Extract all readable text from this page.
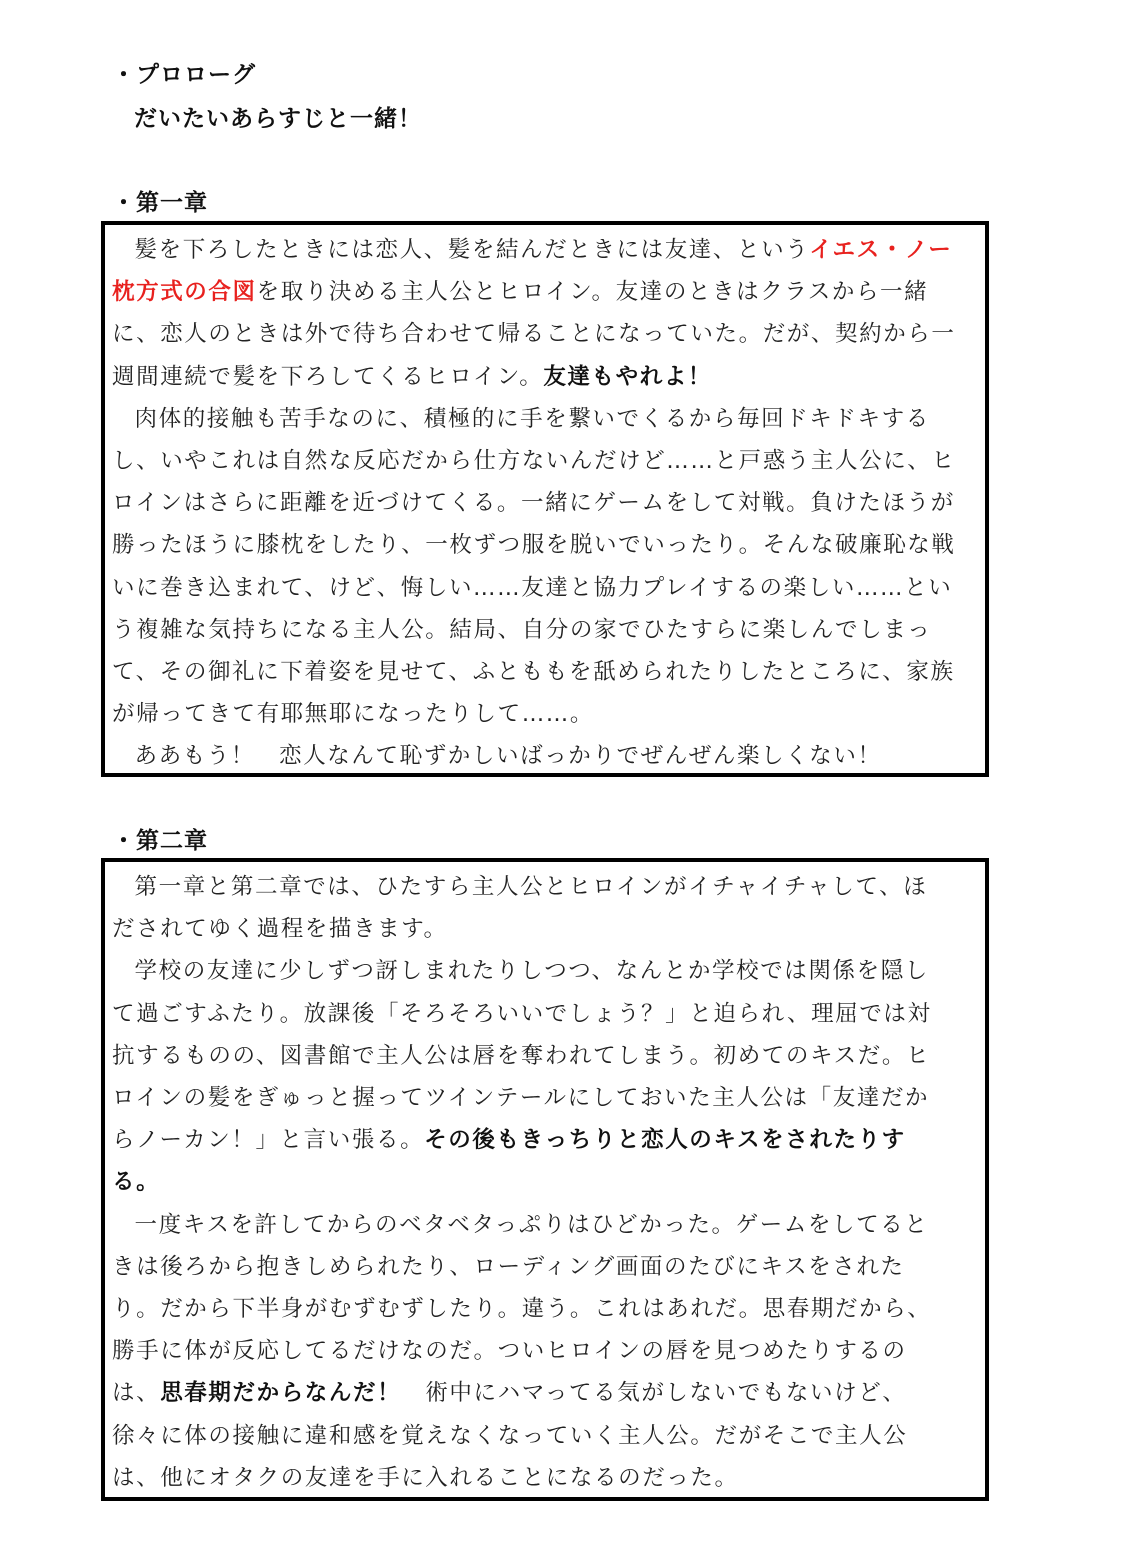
・プロローグ
だいたいあらすじと一緒！
・第一章

髪を下ろしたときには恋人、髪を結んだときには友達、というイエス・ノー枕方式の合図を取り決める主人公とヒロイン。友達のときはクラスから一緒に、恋人のときは外で待ち合わせて帰ることになっていた。だが、契約から一週間連続で髪を下ろしてくるヒロイン。友達もやれよ！

肉体的接触も苦手なのに、積極的に手を繋いでくるから毎回ドキドキするし、いやこれは自然な反応だから仕方ないんだけど……と戸惑う主人公に、ヒロインはさらに距離を近づけてくる。一緒にゲームをして対戦。負けたほうが勝ったほうに膝枕をしたり、一枚ずつ服を脱いでいったり。そんな破廉恥な戦いに巻き込まれて、けど、悔しい……友達と協力プレイするの楽しい……という複雑な気持ちになる主人公。結局、自分の家でひたすらに楽しんでしまって、その御礼に下着姿を見せて、ふとももを舐められたりしたところに、家族が帰ってきて有耶無耶になったりして……。

ああもう！　恋人なんて恥ずかしいばっかりでぜんぜん楽しくない！

・第二章

第一章と第二章では、ひたすら主人公とヒロインがイチャイチャして、ほだされてゆく過程を描きます。

学校の友達に少しずつ訝しまれたりしつつ、なんとか学校では関係を隠して過ごすふたり。放課後「そろそろいいでしょう？」と迫られ、理屈では対抗するものの、図書館で主人公は唇を奪われてしまう。初めてのキスだ。ヒロインの髪をぎゅっと握ってツインテールにしておいた主人公は「友達だからノーカン！」と言い張る。その後もきっちりと恋人のキスをされたりする。

一度キスを許してからのベタベタっぷりはひどかった。ゲームをしてるときは後ろから抱きしめられたり、ローディング画面のたびにキスをされたり。だから下半身がむずむずしたり。違う。これはあれだ。思春期だから、勝手に体が反応してるだけなのだ。ついヒロインの唇を見つめたりするのは、思春期だからなんだ！　術中にハマってる気がしないでもないけど、徐々に体の接触に違和感を覚えなくなっていく主人公。だがそこで主人公は、他にオタクの友達を手に入れることになるのだった。
